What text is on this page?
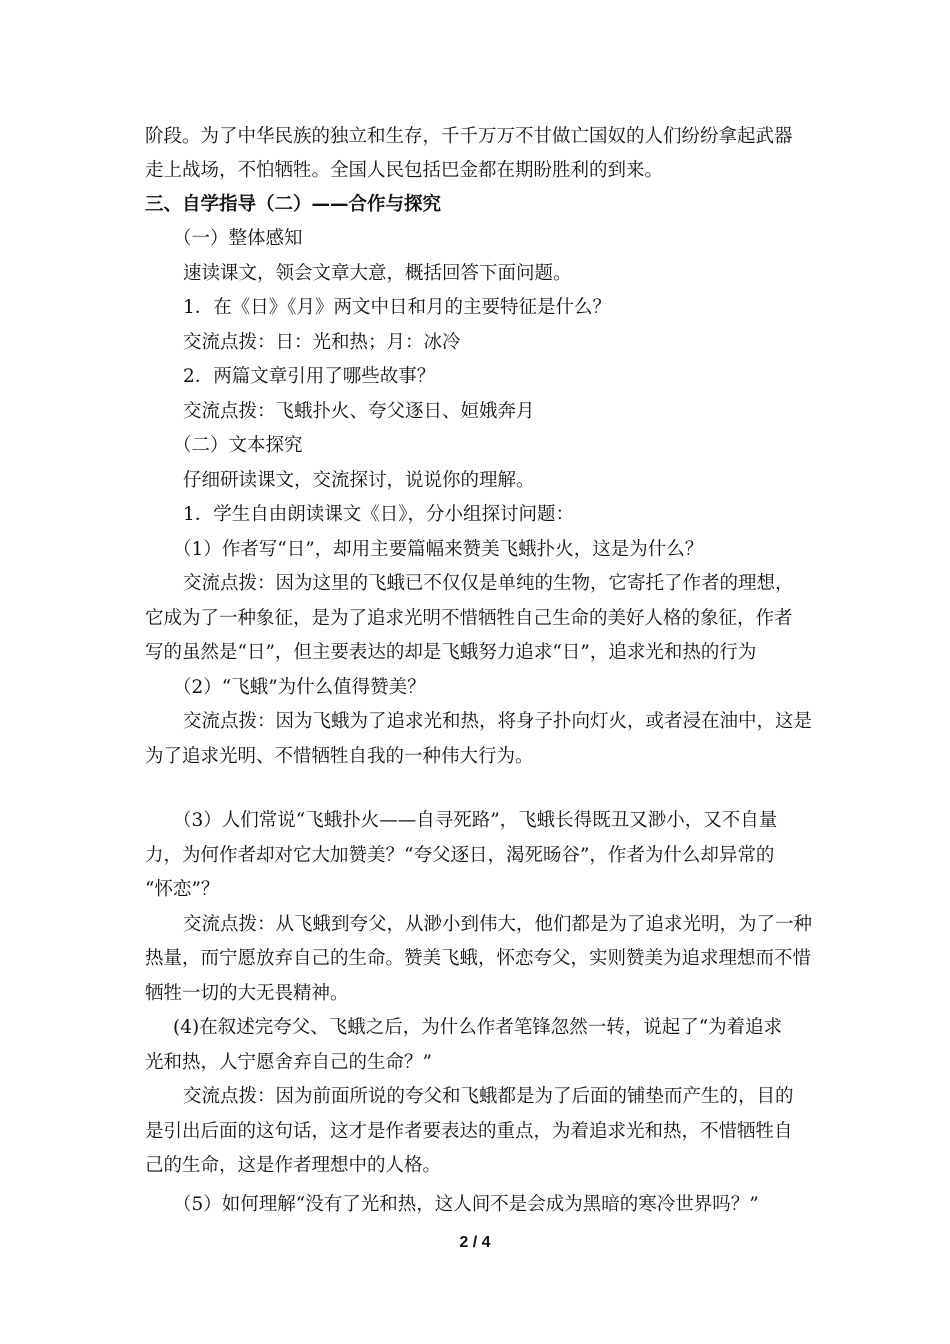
阶段。为了中华民族的独立和生存，千千万万不甘做亡国奴的人们纷纷拿起武器
走上战场，不怕牺牲。全国人民包括巴金都在期盼胜利的到来。
三、自学指导（二）——合作与探究
（一）整体感知
速读课文，领会文章大意，概括回答下面问题。
1．在《日》《月》两文中日和月的主要特征是什么？
交流点拨：日：光和热；月：冰冷
2．两篇文章引用了哪些故事？
交流点拨：飞蛾扑火、夸父逐日、姮娥奔月
（二）文本探究
仔细研读课文，交流探讨，说说你的理解。
1．学生自由朗读课文《日》，分小组探讨问题：
（1）作者写“日”，却用主要篇幅来赞美飞蛾扑火，这是为什么？
交流点拨：因为这里的飞蛾已不仅仅是单纯的生物，它寄托了作者的理想，
它成为了一种象征，是为了追求光明不惜牺牲自己生命的美好人格的象征，作者
写的虽然是“日”，但主要表达的却是飞蛾努力追求“日”，追求光和热的行为
（2）“飞蛾”为什么值得赞美？
交流点拨：因为飞蛾为了追求光和热，将身子扑向灯火，或者浸在油中，这是
为了追求光明、不惜牺牲自我的一种伟大行为。
（3）人们常说“飞蛾扑火——自寻死路”，飞蛾长得既丑又渺小，又不自量
力，为何作者却对它大加赞美？“夸父逐日，渴死旸谷”，作者为什么却异常的
“怀恋”？
交流点拨：从飞蛾到夸父，从渺小到伟大，他们都是为了追求光明，为了一种
热量，而宁愿放弃自己的生命。赞美飞蛾，怀恋夸父，实则赞美为追求理想而不惜
牺牲一切的大无畏精神。
(4)在叙述完夸父、飞蛾之后，为什么作者笔锋忽然一转，说起了“为着追求
光和热，人宁愿舍弃自己的生命？”
交流点拨：因为前面所说的夸父和飞蛾都是为了后面的铺垫而产生的，目的
是引出后面的这句话，这才是作者要表达的重点，为着追求光和热，不惜牺牲自
己的生命，这是作者理想中的人格。
（5）如何理解“没有了光和热，这人间不是会成为黑暗的寒冷世界吗？”
2 / 4
